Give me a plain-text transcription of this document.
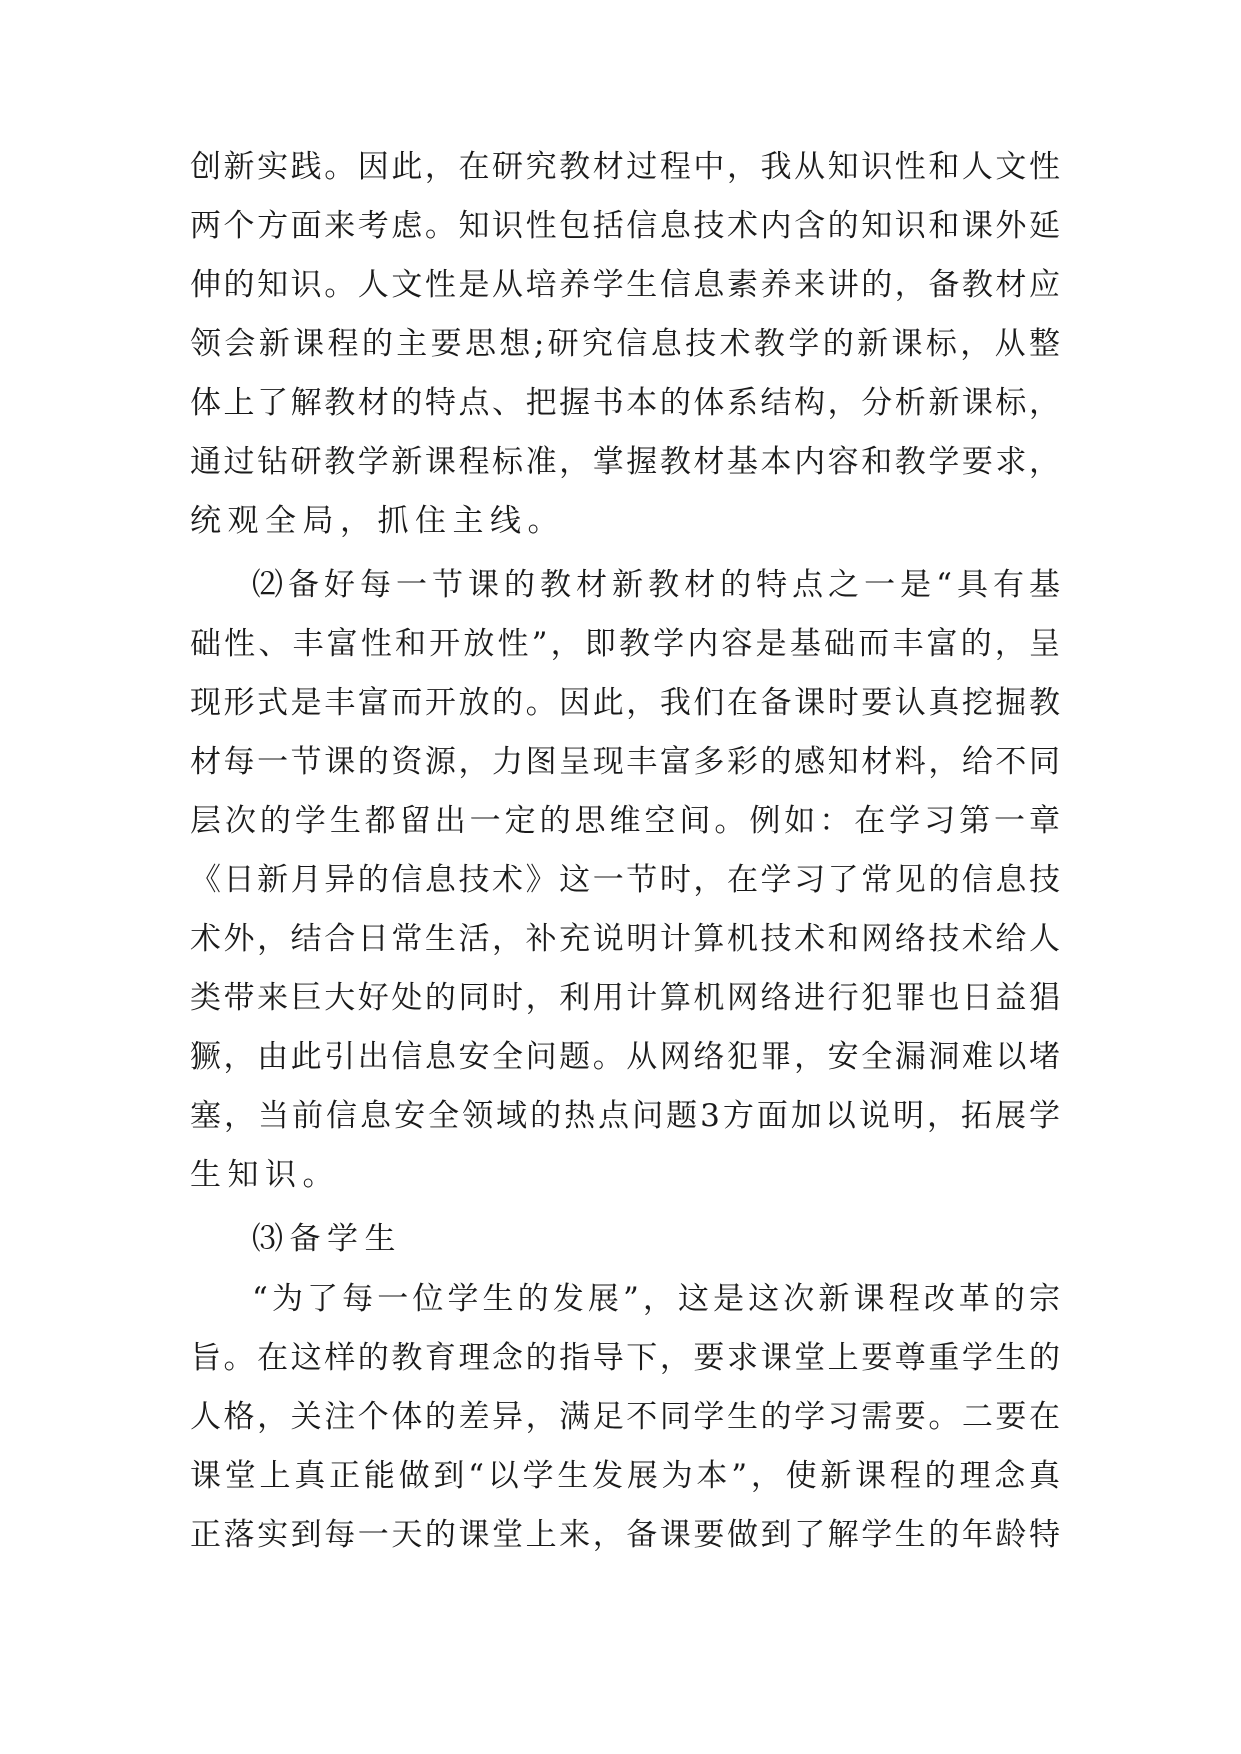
创新实践。因此，在研究教材过程中，我从知识性和人文性
两个方面来考虑。知识性包括信息技术内含的知识和课外延
伸的知识。人文性是从培养学生信息素养来讲的，备教材应
领会新课程的主要思想;研究信息技术教学的新课标，从整
体上了解教材的特点、把握书本的体系结构，分析新课标，
通过钻研教学新课程标准，掌握教材基本内容和教学要求，
统观全局，抓住主线。
⑵备好每一节课的教材新教材的特点之一是“具有基
础性、丰富性和开放性”，即教学内容是基础而丰富的，呈
现形式是丰富而开放的。因此，我们在备课时要认真挖掘教
材每一节课的资源，力图呈现丰富多彩的感知材料，给不同
层次的学生都留出一定的思维空间。例如：在学习第一章
《日新月异的信息技术》这一节时，在学习了常见的信息技
术外，结合日常生活，补充说明计算机技术和网络技术给人
类带来巨大好处的同时，利用计算机网络进行犯罪也日益猖
獗，由此引出信息安全问题。从网络犯罪，安全漏洞难以堵
塞，当前信息安全领域的热点问题3方面加以说明，拓展学
生知识。
⑶备学生
“为了每一位学生的发展”，这是这次新课程改革的宗
旨。在这样的教育理念的指导下，要求课堂上要尊重学生的
人格，关注个体的差异，满足不同学生的学习需要。二要在
课堂上真正能做到“以学生发展为本”，使新课程的理念真
正落实到每一天的课堂上来，备课要做到了解学生的年龄特
